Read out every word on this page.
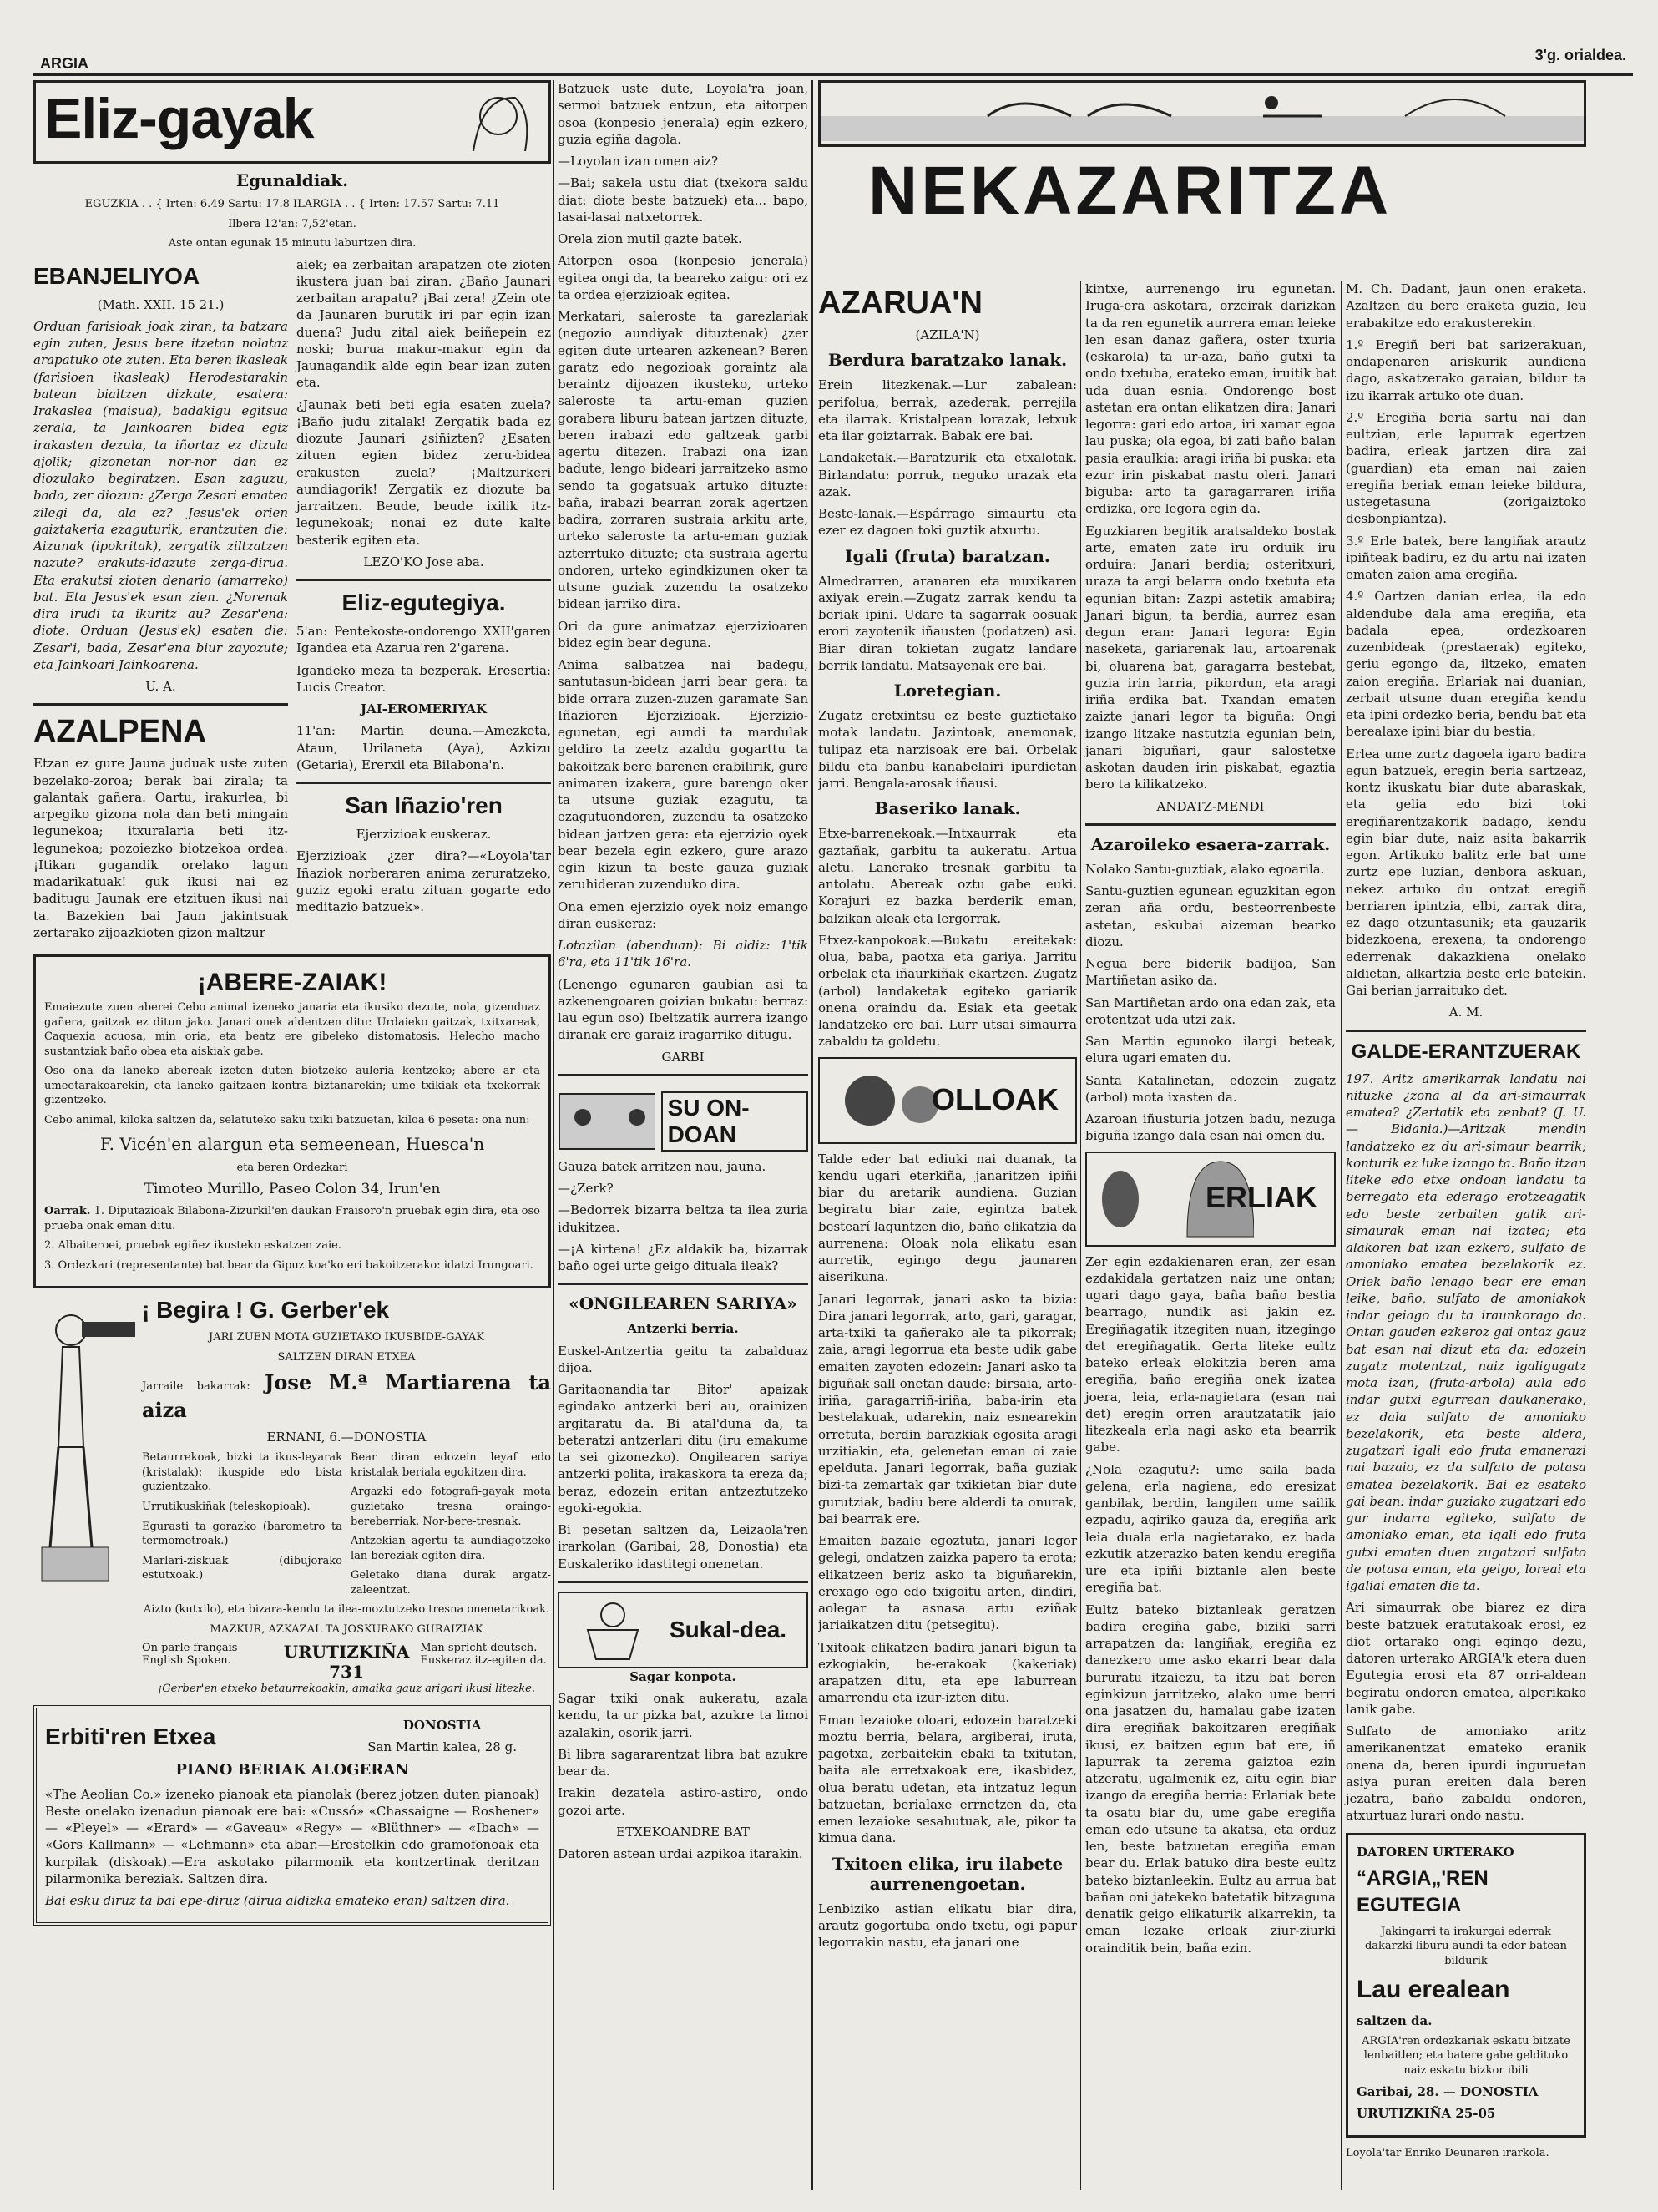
ARGIA	3'g. orialdea.
Eliz-gayak
Egunaldiak.

EGUZKIA . . { Irten: 6.49 Sartu: 17.8 ILARGIA . . { Irten: 17.57 Sartu: 7.11

Ilbera 12'an: 7,52'etan.

Aste ontan egunak 15 minutu laburtzen dira.

EBANJELIYOA

(Math. XXII. 15 21.)

Orduan farisioak joak ziran, ta batzara egin zuten, Jesus bere itzetan nolataz arapatuko ote zuten. Eta beren ikasleak (farisioen ikasleak) Herodestarakin batean bialtzen dizkate, esatera: Irakaslea (maisua), badakigu egitsua zerala, ta Jainkoaren bidea egiz irakasten dezula, ta iñortaz ez dizula ajolik; gizonetan nor-nor dan ez diozulako begiratzen. Esan zaguzu, bada, zer diozun: ¿Zerga Zesari ematea zilegi da, ala ez? Jesus'ek orien gaiztakeria ezaguturik, erantzuten die: Aizunak (ipokritak), zergatik ziltzatzen nazute? erakuts-idazute zerga-dirua. Eta erakutsi zioten denario (amarreko) bat. Eta Jesus'ek esan zien. ¿Norenak dira irudi ta ikuritz au? Zesar'ena: diote. Orduan (Jesus'ek) esaten die: Zesar'i, bada, Zesar'ena biur zayozute; eta Jainkoari Jainkoarena.

U. A.

AZALPENA

Etzan ez gure Jauna juduak uste zuten bezelako-zoroa; berak bai zirala; ta galantak gañera. Oartu, irakurlea, bi arpegiko gizona nola dan beti mingain legunekoa; itxuralaria beti itz-legunekoa; pozoiezko biotzekoa ordea. ¡Itikan gugandik orelako lagun madarikatuak! guk ikusi nai ez baditugu Jaunak ere etzituen ikusi nai ta. Bazekien bai Jaun jakintsuak zertarako zijoazkioten gizon maltzur

aiek; ea zerbaitan arapatzen ote zioten ikustera juan bai ziran. ¿Baño Jaunari zerbaitan arapatu? ¡Bai zera! ¿Zein ote da Jaunaren burutik iri par egin izan duena? Judu zital aiek beiñepein ez noski; burua makur-makur egin da Jaunagandik alde egin bear izan zuten eta.

¿Jaunak beti beti egia esaten zuela? ¡Baño judu zitalak! Zergatik bada ez diozute Jaunari ¿siñizten? ¿Esaten zituen egien bidez zeru-bidea erakusten zuela? ¡Maltzurkeri aundiagorik! Zergatik ez diozute ba jarraitzen. Beude, beude ixilik itz-legunekoak; nonai ez dute kalte besterik egiten eta.

LEZO'KO Jose aba.

Eliz-egutegiya.

5'an: Pentekoste-ondorengo XXII'garen Igandea eta Azarua'ren 2'garena.

Igandeko meza ta bezperak. Eresertia: Lucis Creator.

JAI-EROMERIYAK

11'an: Martin deuna.—Amezketa, Ataun, Urilaneta (Aya), Azkizu (Getaria), Ererxil eta Bilabona'n.

San Iñazio'ren

Ejerzizioak euskeraz.

Ejerzizioak ¿zer dira?—«Loyola'tar Iñaziok norberaren anima zeruratzeko, guziz egoki eratu zituan gogarte edo meditazio batzuek».

¡ABERE-ZAIAK!

Emaiezute zuen aberei Cebo animal izeneko janaria eta ikusiko dezute, nola, gizenduaz gañera, gaitzak ez ditun jako. Janari onek aldentzen ditu: Urdaieko gaitzak, txitxareak, Caquexia acuosa, min oria, eta beatz ere gibeleko distomatosis. Helecho macho sustantziak baño obea eta aiskiak gabe.

Oso ona da laneko abereak izeten duten biotzeko auleria kentzeko; abere ar eta umeetarakoarekin, eta laneko gaitzaen kontra biztanarekin; ume txikiak eta txekorrak gizentzeko.

Cebo animal, kiloka saltzen da, selatuteko saku txiki batzuetan, kiloa 6 peseta: ona nun:

F. Vicén'en alargun eta semeenean, Huesca'n

eta beren Ordezkari

Timoteo Murillo, Paseo Colon 34, Irun'en

Oarrak. 1. Diputazioak Bilabona-Zizurkil'en daukan Fraisoro'n pruebak egin dira, eta oso prueba onak eman ditu.

2. Albaiteroei, pruebak egiñez ikusteko eskatzen zaie.

3. Ordezkari (representante) bat bear da Gipuz koa'ko eri bakoitzerako: idatzi Irungoari.

¡ Begira ! G. Gerber'ek

JARI ZUEN MOTA GUZIETAKO IKUSBIDE-GAYAK

SALTZEN DIRAN ETXEA

Jarraile bakarrak: Jose M.ª Martiarena ta aiza

ERNANI, 6.—DONOSTIA

Betaurrekoak, bizki ta ikus-leyarak (kristalak): ikuspide edo bista guzientzako.

Urrutikuskiñak (teleskopioak).

Egurasti ta gorazko (barometro ta termometroak.)

Marlari-ziskuak (dibujorako estutxoak.)

Bear diran edozein leyaf edo kristalak beriala egokitzen dira.

Argazki edo fotografi-gayak mota guzietako tresna oraingo-bereberriak. Nor-bere-tresnak.

Antzekian agertu ta aundiagotzeko lan bereziak egiten dira.

Geletako diana durak argatz-zaleentzat.

Aizto (kutxilo), eta bizara-kendu ta ilea-moztutzeko tresna onenetarikoak.

MAZKUR, AZKAZAL TA JOSKURAKO GURAIZIAK

On parle français English Spoken.	URUTIZKIÑA 731
Man spricht deutsch. Euskeraz itz-egiten da.

¡Gerber'en etxeko betaurrekoakin, amaika gauz arigari ikusi litezke.

Erbiti'ren Etxea	DONOSTIA

San Martin kalea, 28 g.

PIANO BERIAK ALOGERAN

«The Aeolian Co.» izeneko pianoak eta pianolak (berez jotzen duten pianoak) Beste onelako izenadun pianoak ere bai: «Cussó» «Chassaigne — Roshener» — «Pleyel» — «Erard» — «Gaveau» «Regy» — «Blüthner» — «Ibach» — «Gors Kallmann» — «Lehmann» eta abar.—Erestelkin edo gramofonoak eta kurpilak (diskoak).—Era askotako pilarmonik eta kontzertinak deritzan pilarmonika bereziak. Saltzen dira.

Bai esku diruz ta bai epe-diruz (dirua aldizka emateko eran) saltzen dira.

Batzuek uste dute, Loyola'ra joan, sermoi batzuek entzun, eta aitorpen osoa (konpesio jenerala) egin ezkero, guzia egiña dagola.

—Loyolan izan omen aiz?

—Bai; sakela ustu diat (txekora saldu diat: diote beste batzuek) eta... bapo, lasai-lasai natxetorrek.

Orela zion mutil gazte batek.

Aitorpen osoa (konpesio jenerala) egitea ongi da, ta beareko zaigu: ori ez ta ordea ejerzizioak egitea.

Merkatari, saleroste ta garezlariak (negozio aundiyak dituztenak) ¿zer egiten dute urtearen azkenean? Beren garatz edo negozioak goraintz ala beraintz dijoazen ikusteko, urteko saleroste ta artu-eman guzien gorabera liburu batean jartzen dituzte, beren irabazi edo galtzeak garbi agertu ditezen. Irabazi ona izan badute, lengo bideari jarraitzeko asmo sendo ta gogatsuak artuko dituzte: baña, irabazi bearran zorak agertzen badira, zorraren sustraia arkitu arte, urteko saleroste ta artu-eman guziak azterrtuko dituzte; eta sustraia agertu ondoren, urteko egindkizunen oker ta utsune guziak zuzendu ta osatzeko bidean jarriko dira.

Ori da gure animatzaz ejerzizioaren bidez egin bear deguna.

Anima salbatzea nai badegu, santutasun-bidean jarri bear gera: ta bide orrara zuzen-zuzen garamate San Iñazioren Ejerzizioak. Ejerzizio-egunetan, egi aundi ta mardulak geldiro ta zeetz azaldu gogarttu ta bakoitzak bere barenen erabilirik, gure animaren izakera, gure barengo oker ta utsune guziak ezagutu, ta ezagutuondoren, zuzendu ta osatzeko bidean jartzen gera: eta ejerzizio oyek bear bezela egin ezkero, gure arazo egin kizun ta beste gauza guziak zeruhideran zuzenduko dira.

Ona emen ejerzizio oyek noiz emango diran euskeraz:

Lotazilan (abenduan): Bi aldiz: 1'tik 6'ra, eta 11'tik 16'ra.

(Lenengo egunaren gaubian asi ta azkenengoaren goizian bukatu: berraz: lau egun oso) Ibeltzatik aurrera izango diranak ere garaiz iragarriko ditugu.

GARBI

SU ON-DOAN

Gauza batek arritzen nau, jauna.

—¿Zerk?

—Bedorrek bizarra beltza ta ilea zuria idukitzea.

—¡A kirtena! ¿Ez aldakik ba, bizarrak baño ogei urte geigo dituala ileak?

«ONGILEAREN SARIYA»

Antzerki berria.

Euskel-Antzertia geitu ta zabalduaz dijoa.

Garitaonandia'tar Bitor' apaizak egindako antzerki beri au, orainizen argitaratu da. Bi atal'duna da, ta beteratzi antzerlari ditu (iru emakume ta sei gizonezko). Ongilearen sariya antzerki polita, irakaskora ta ereza da; beraz, edozein eritan antzeztutzeko egoki-egokia.

Bi pesetan saltzen da, Leizaola'ren irarkolan (Garibai, 28, Donostia) eta Euskaleriko idastitegi onenetan.

Sukal-dea.

Sagar konpota.

Sagar txiki onak aukeratu, azala kendu, ta ur pizka bat, azukre ta limoi azalakin, osorik jarri.

Bi libra sagararentzat libra bat azukre bear da.

Irakin dezatela astiro-astiro, ondo gozoi arte.

ETXEKOANDRE BAT

Datoren astean urdai azpikoa itarakin.

NEKAZARITZA
AZARUA'N

(AZILA'N)

Berdura baratzako lanak.

Erein litezkenak.—Lur zabalean: perifolua, berrak, azederak, perrejila eta ilarrak. Kristalpean lorazak, letxuk eta ilar goiztarrak. Babak ere bai.

Landaketak.—Baratzurik eta etxalotak. Birlandatu: porruk, neguko urazak eta azak.

Beste-lanak.—Espárrago simaurtu eta ezer ez dagoen toki guztik atxurtu.

Igali (fruta) baratzan.

Almedrarren, aranaren eta muxikaren axiyak erein.—Zugatz zarrak kendu ta beriak ipini. Udare ta sagarrak oosuak erori zayotenik iñausten (podatzen) asi. Biar diran tokietan zugatz landare berrik landatu. Matsayenak ere bai.

Loretegian.

Zugatz eretxintsu ez beste guztietako motak landatu. Jazintoak, anemonak, tulipaz eta narzisoak ere bai. Orbelak bildu eta banbu kanabelairi ipurdietan jarri. Bengala-arosak iñausi.

Baseriko lanak.

Etxe-barrenekoak.—Intxaurrak eta gaztañak, garbitu ta aukeratu. Artua aletu. Lanerako tresnak garbitu ta antolatu. Abereak oztu gabe euki. Korajuri ez bazka berderik eman, balzikan aleak eta lergorrak.

Etxez-kanpokoak.—Bukatu ereitekak: olua, baba, paotxa eta gariya. Jarritu orbelak eta iñaurkiñak ekartzen. Zugatz (arbol) landaketak egiteko gariarik onena oraindu da. Esiak eta geetak landatzeko ere bai. Lurr utsai simaurra zabaldu ta goldetu.

OLLOAK

Talde eder bat ediuki nai duanak, ta kendu ugari eterkiña, janaritzen ipiñi biar du aretarik aundiena. Guzian begiratu biar zaie, egintza batek bestearí laguntzen dio, baño elikatzia da aurrenena: Oloak nola elikatu esan aurretik, egingo degu jaunaren aiserikuna.

Janari legorrak, janari asko ta bizia: Dira janari legorrak, arto, gari, garagar, arta-txiki ta gañerako ale ta pikorrak; zaia, aragi legorrua eta beste udik gabe emaiten zayoten edozein: Janari asko ta biguñak sall onetan daude: birsaia, arto-iriña, garagarriñ-iriña, baba-irin eta bestelakuak, udarekin, naiz esnearekin orretuta, berdin barazkiak egosita aragi urzitiakin, eta, gelenetan eman oi zaie epelduta. Janari legorrak, baña guziak bizi-ta zemartak gar txikietan biar dute gurutziak, badiu bere alderdi ta onurak, bai bearrak ere.

Emaiten bazaie egoztuta, janari legor gelegi, ondatzen zaizka papero ta erota; elikatzeen beriz asko ta biguñarekin, erexago ego edo txigoitu arten, dindiri, aolegar ta asnasa artu eziñak jariaikatzen ditu (petsegitu).

Txitoak elikatzen badira janari bigun ta ezkogiakin, be-erakoak (kakeriak) arapatzen ditu, eta epe laburrean amarrendu eta izur-izten ditu.

Eman lezaioke oloari, edozein baratzeki moztu berria, belara, argiberai, iruta, pagotxa, zerbaitekin ebaki ta txitutan, baita ale erretxakoak ere, ikasbidez, olua beratu udetan, eta intzatuz legun batzuetan, berialaxe errnetzen da, eta emen lezaioke sesahutuak, ale, pikor ta kimua dana.

Txitoen elika, iru ilabete aurrenengoetan.

Lenbiziko astian elikatu biar dira, arautz gogortuba ondo txetu, ogi papur legorrakin nastu, eta janari one

kintxe, aurrenengo iru egunetan. Iruga-era askotara, orzeirak darizkan ta da ren egunetik aurrera eman leieke len esan danaz gañera, oster txuria (eskarola) ta ur-aza, baño gutxi ta ondo txetuba, erateko eman, iruitik bat uda duan esnia. Ondorengo bost astetan era ontan elikatzen dira: Janari legorra: gari edo artoa, iri xamar egoa lau puska; ola egoa, bi zati baño balan pasia eraulkia: aragi iriña bi puska: eta ezur irin piskabat nastu oleri. Janari bigubа: arto ta garagarraren iriña erdizka, ore legora egin da.

Eguzkiaren begitik aratsaldeko bostak arte, ematen zate iru orduik iru orduira: Janari berdia; osteritxuri, uraza ta argi belarra ondo txetuta eta egunian bitan: Zazpi astetik amabira; Janari bigun, ta berdia, aurrez esan degun eran: Janari legora: Egin naseketa, gariarenak lau, artoarenak bi, oluarena bat, garagarra bestebat, guzia irin larria, pikordun, eta aragi iriña erdika bat. Txandan ematen zaizte janari legor ta biguña: Ongi izango litzake nastutzia egunian bein, janari biguñari, gaur salostetxe askotan dauden irin piskabat, egaztia bero ta kilikatzeko.

ANDATZ-MENDI

Azaroileko esaera-zarrak.

Nolako Santu-guztiak, alako egoarila.

Santu-guztien egunean eguzkitan egon zeran aña ordu, besteorrenbeste astetan, eskubai aizeman bearko diozu.

Negua bere biderik badijoa, San Martiñetan asiko da.

San Martiñetan ardo ona edan zak, eta erotentzat uda utzi zak.

San Martin egunoko ilargi beteak, elura ugari ematen du.

Santa Katalinetan, edozein zugatz (arbol) mota ixasten da.

Azaroan iñusturia jotzen badu, nezuga biguña izango dala esan nai omen du.

ERLIAK

Zer egin ezdakienaren eran, zer esan ezdakidala gertatzen naiz une ontan; ugari dago gaya, baña baño bestia bearrago, nundik asi jakin ez. Eregiñagatik itzegiten nuan, itzegingo det eregiñagatik. Gerta liteke eultz bateko erleak elokitzia beren ama eregiña, baño eregiña onek izatea joera, leia, erla-nagietara (esan nai det) eregin orren arautzatatik jaio litezkeala erla nagi asko eta bearrik gabe.

¿Nola ezagutu?: ume saila bada gelena, erla nagiena, edo eresizat ganbilak, berdin, langilen ume sailik ezpadu, agiriko gauza da, eregiña ark leia duala erla nagietarako, ez bada ezkutik atzerazko baten kendu eregiña ure eta ipiñi biztanle alen beste eregiña bat.

Eultz bateko biztanleak geratzen badira eregiña gabe, biziki sarri arrapatzen da: langiñak, eregiña ez danezkero ume asko ekarri bear dala bururatu itzaiezu, ta itzu bat beren eginkizun jarritzeko, alako ume berri ona jasatzen du, hamalau gabe izaten dira eregiñak bakoitzaren eregiñak ikusi, ez baitzen egun bat ere, iñ lapurrak ta zerema gaiztoa ezin atzeratu, ugalmenik ez, aitu egin biar izango da eregiña berria: Erlariak bete ta osatu biar du, ume gabe eregiña eman edo utsune ta akatsa, eta orduz len, beste batzuetan eregiña eman bear du. Erlak batuko dira beste eultz bateko biztanleekin. Eultz au arrua bat bañan oni jatekeko batetatik bitzaguna denatik geigo elikaturik alkarrekin, ta eman lezake erleak ziur-ziurki orainditik bein, baña ezin.

M. Ch. Dadant, jaun onen eraketa. Azaltzen du bere eraketa guzia, leu erabakitze edo erakusterekin.

1.º Eregiñ beri bat sarizerakuan, ondapenaren ariskurik aundiena dago, askatzerako garaian, bildur ta izu ikarrak artuko ote duan.

2.º Eregiña beria sartu nai dan eultzian, erle lapurrak egertzen badira, erleak jartzen dira zai (guardian) eta eman nai zaien eregiña beriak eman leieke bildura, ustegetasuna (zorigaiztoko desbonpiantza).

3.º Erle batek, bere langiñak arautz ipiñteak badiru, ez du artu nai izaten ematen zaion ama eregiña.

4.º Oartzen danian erlea, ila edo aldendube dala ama eregiña, eta badala epea, ordezkoaren zuzenbideak (prestaerak) egiteko, geriu egongo da, iltzeko, ematen zaion eregiña. Erlariak nai duanian, zerbait utsune duan eregiña kendu eta ipini ordezko beria, bendu bat eta berealaxe ipini biar du bestia.

Erlea ume zurtz dagoela igaro badira egun batzuek, eregin beria sartzeaz, kontz ikuskatu biar dute abaraskak, eta gelia edo bizi toki eregiñarentzakorik badago, kendu egin biar dute, naiz asita bakarrik egon. Artikuko balitz erle bat ume zurtz epe luzian, denbora askuan, nekez artuko du ontzat eregiñ berriaren ipintzia, elbi, zarrak dira, ez dago otzuntasunik; eta gauzarik bidezkoena, erexena, ta ondorengo ederrenak dakazkiena onelako aldietan, alkartzia beste erle batekin. Gai berian jarraituko det.

A. M.

GALDE-ERANTZUERAK

197. Aritz amerikarrak landatu nai nituzke ¿zona al da ari-simaurrak ematea? ¿Zertatik eta zenbat? (J. U. — Bidania.)—Aritzak mendin landatzeko ez du ari-simaur bearrik; konturik ez luke izango ta. Baño itzan liteke edo etxe ondoan landatu ta berregato eta ederago erotzeagatik edo beste zerbaiten gatik ari-simaurak eman nai izatea; eta alakoren bat izan ezkero, sulfato de amoniako ematea bezelakorik ez. Oriek baño lenago bear ere eman leike, baño, sulfato de amoniakok indar geiago du ta iraunkorago da. Ontan gauden ezkeroz gai ontaz gauz bat esan nai dizut eta da: edozein zugatz motentzat, naiz igaligugatz mota izan, (fruta-arbola) aula edo indar gutxi egurrean daukanerako, ez dala sulfato de amoniako bezelakorik, eta beste aldera, zugatzari igali edo fruta emanerazi nai bazaio, ez da sulfato de potasa ematea bezelakorik. Bai ez esateko gai bean: indar guziako zugatzari edo gur indarra egiteko, sulfato de amoniako eman, eta igali edo fruta gutxi ematen duen zugatzari sulfato de potasa eman, eta geigo, loreai eta igaliai ematen die ta.

Ari simaurrak obe biarez ez dira beste batzuek eratutakoak erosi, ez diot ortarako ongi egingo dezu, datoren urterako ARGIA'k etera duen Egutegia erosi eta 87 orri-aldean begiratu ondoren ematea, alperikako lanik gabe.

Sulfato de amoniako aritz amerikanentzat emateko eranik onena da, beren ipurdi inguruetan asiya puran ereiten dala beren jezatra, baño zabaldu ondoren, atxurtuaz lurari ondo nastu.

DATOREN URTERAKO

“ARGIA„'REN EGUTEGIA

Jakingarri ta irakurgai ederrak dakarzki liburu aundi ta eder batean bildurik

Lau erealean

saltzen da.

ARGIA'ren ordezkariak eskatu bitzate lenbaitlen; eta batere gabe geldituko naiz eskatu bizkor ibili

Garibai, 28. — DONOSTIA

URUTIZKIÑA 25-05

Loyola'tar Enriko Deunaren irarkola.
